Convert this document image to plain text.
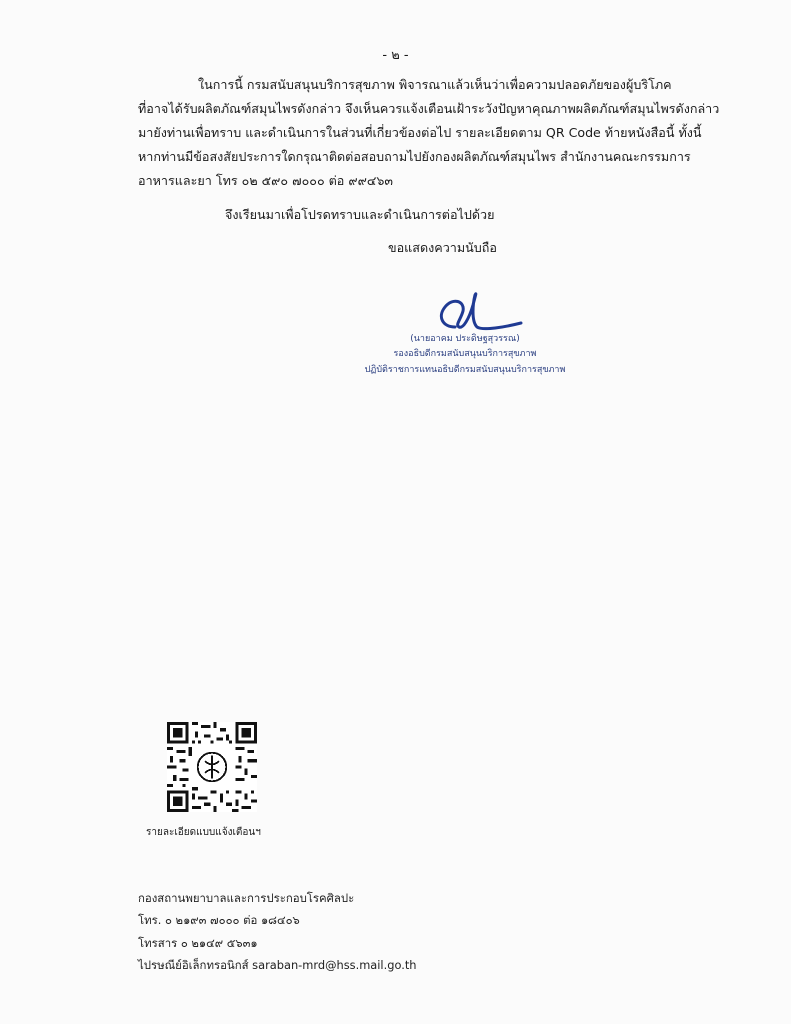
- ๒ -
ในการนี้ กรมสนับสนุนบริการสุขภาพ พิจารณาแล้วเห็นว่าเพื่อความปลอดภัยของผู้บริโภค
ที่อาจได้รับผลิตภัณฑ์สมุนไพรดังกล่าว จึงเห็นควรแจ้งเตือนเฝ้าระวังปัญหาคุณภาพผลิตภัณฑ์สมุนไพรดังกล่าว
มายังท่านเพื่อทราบ และดำเนินการในส่วนที่เกี่ยวข้องต่อไป รายละเอียดตาม QR Code ท้ายหนังสือนี้ ทั้งนี้
หากท่านมีข้อสงสัยประการใดกรุณาติดต่อสอบถามไปยังกองผลิตภัณฑ์สมุนไพร สำนักงานคณะกรรมการ
อาหารและยา โทร ๐๒ ๕๙๐ ๗๐๐๐ ต่อ ๙๙๔๖๓
จึงเรียนมาเพื่อโปรดทราบและดำเนินการต่อไปด้วย
ขอแสดงความนับถือ
(นายอาคม ประดิษฐสุวรรณ)
รองอธิบดีกรมสนับสนุนบริการสุขภาพ
ปฏิบัติราชการแทนอธิบดีกรมสนับสนุนบริการสุขภาพ
รายละเอียดแบบแจ้งเตือนฯ
กองสถานพยาบาลและการประกอบโรคศิลปะ
โทร. ๐ ๒๑๙๓ ๗๐๐๐ ต่อ ๑๘๔๐๖
โทรสาร ๐ ๒๑๔๙ ๕๖๓๑
ไปรษณีย์อิเล็กทรอนิกส์ saraban-mrd@hss.mail.go.th
